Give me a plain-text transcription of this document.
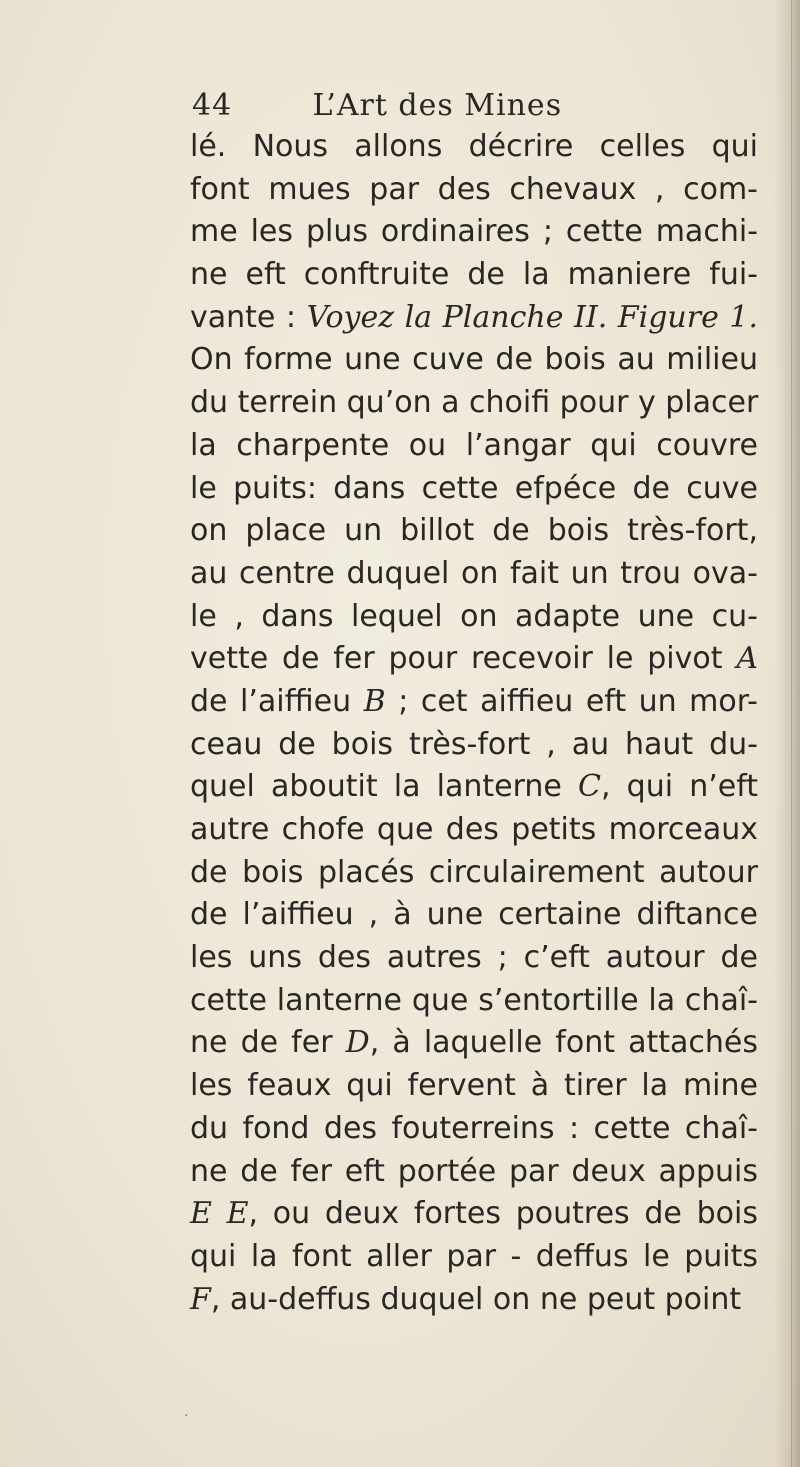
44	L’Art des Mines
lé. Nous allons décrire celles qui
font mues par des chevaux , com-
me les plus ordinaires ; cette machi-
ne eft conftruite de la maniere fui-
vante : Voyez la Planche II. Figure 1.
On forme une cuve de bois au milieu
du terrein qu’on a choifi pour y placer
la charpente ou l’angar qui couvre
le puits: dans cette efpéce de cuve
on place un billot de bois très-fort,
au centre duquel on fait un trou ova-
le , dans lequel on adapte une cu-
vette de fer pour recevoir le pivot A
de l’aiffieu B ; cet aiffieu eft un mor-
ceau de bois très-fort , au haut du-
quel aboutit la lanterne C, qui n’eft
autre chofe que des petits morceaux
de bois placés circulairement autour
de l’aiffieu , à une certaine diftance
les uns des autres ; c’eft autour de
cette lanterne que s’entortille la chaî-
ne de fer D, à laquelle font attachés
les feaux qui fervent à tirer la mine
du fond des fouterreins : cette chaî-
ne de fer eft portée par deux appuis
E E, ou deux fortes poutres de bois
qui la font aller par - deffus le puits
F, au-deffus duquel on ne peut point
·
